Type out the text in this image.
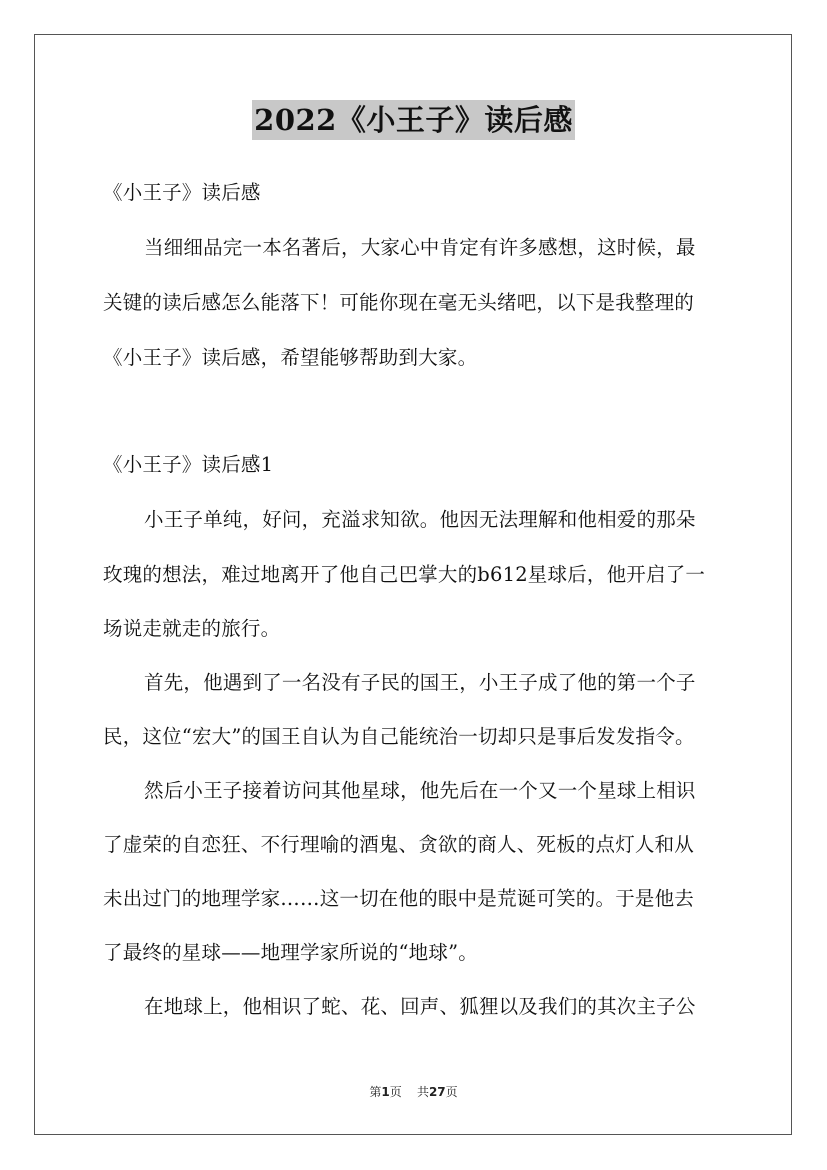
2022《小王子》读后感
《小王子》读后感
当细细品完一本名著后，大家心中肯定有许多感想，这时候，最
关键的读后感怎么能落下！可能你现在毫无头绪吧，以下是我整理的
《小王子》读后感，希望能够帮助到大家。
《小王子》读后感1
小王子单纯，好问，充溢求知欲。他因无法理解和他相爱的那朵
玫瑰的想法，难过地离开了他自己巴掌大的b612星球后，他开启了一
场说走就走的旅行。
首先，他遇到了一名没有子民的国王，小王子成了他的第一个子
民，这位“宏大”的国王自认为自己能统治一切却只是事后发发指令。
然后小王子接着访问其他星球，他先后在一个又一个星球上相识
了虚荣的自恋狂、不行理喻的酒鬼、贪欲的商人、死板的点灯人和从
未出过门的地理学家……这一切在他的眼中是荒诞可笑的。于是他去
了最终的星球——地理学家所说的“地球”。
在地球上，他相识了蛇、花、回声、狐狸以及我们的其次主子公
第1页    共27页
